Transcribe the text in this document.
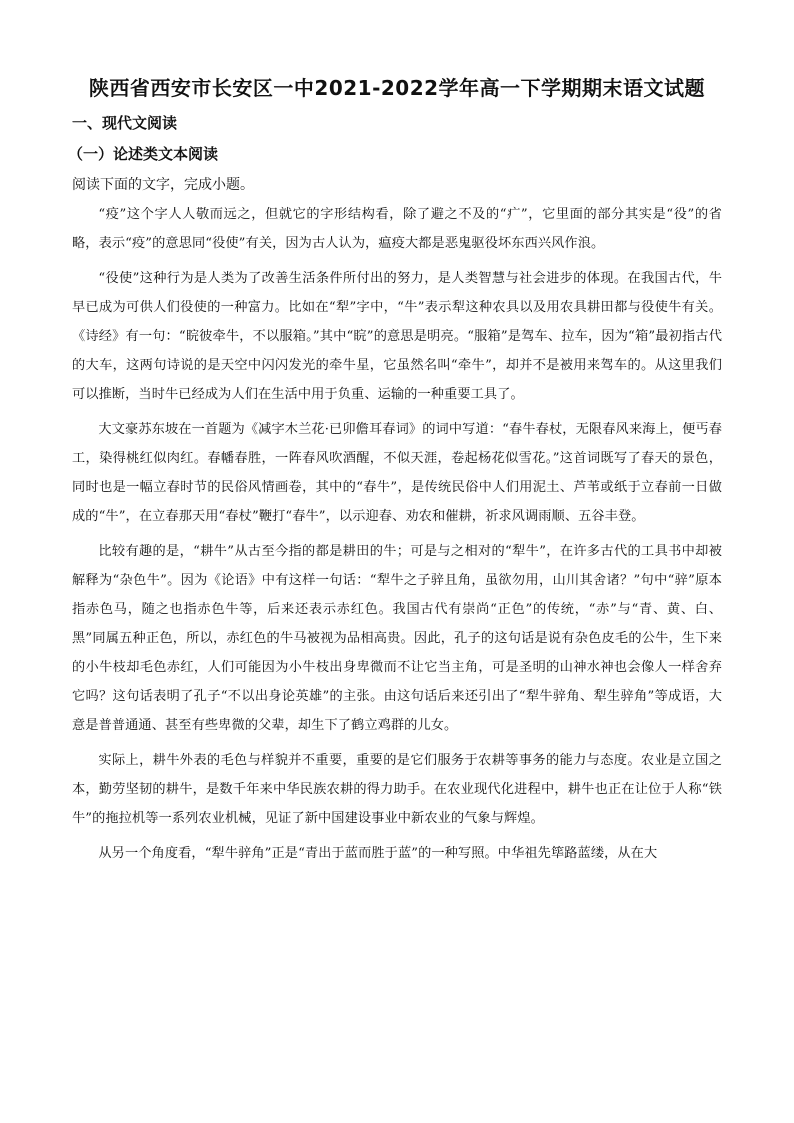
陕西省西安市长安区一中2021-2022学年高一下学期期末语文试题
一、现代文阅读
（一）论述类文本阅读
阅读下面的文字，完成小题。

“疫”这个字人人敬而远之，但就它的字形结构看，除了避之不及的“疒”，它里面的部分其实是“役”的省略，表示“疫”的意思同“役使”有关，因为古人认为，瘟疫大都是恶鬼驱役坏东西兴风作浪。

“役使”这种行为是人类为了改善生活条件所付出的努力，是人类智慧与社会进步的体现。在我国古代，牛早已成为可供人们役使的一种富力。比如在“犁”字中，“牛”表示犁这种农具以及用农具耕田都与役使牛有关。《诗经》有一句：“睆彼牵牛，不以服箱。”其中“睆”的意思是明亮。“服箱”是驾车、拉车，因为“箱”最初指古代的大车，这两句诗说的是天空中闪闪发光的牵牛星，它虽然名叫“牵牛”，却并不是被用来驾车的。从这里我们可以推断，当时牛已经成为人们在生活中用于负重、运输的一种重要工具了。

大文豪苏东坡在一首题为《减字木兰花·已卯儋耳春词》的词中写道：“春牛春杖，无限春风来海上，便丐春工，染得桃红似肉红。春幡春胜，一阵春风吹酒醒，不似天涯，卷起杨花似雪花。”这首词既写了春天的景色，同时也是一幅立春时节的民俗风情画卷，其中的“春牛”，是传统民俗中人们用泥土、芦苇或纸于立春前一日做成的“牛”，在立春那天用“春杖”鞭打“春牛”，以示迎春、劝农和催耕，祈求风调雨顺、五谷丰登。

比较有趣的是，“耕牛”从古至今指的都是耕田的牛；可是与之相对的“犁牛”，在许多古代的工具书中却被解释为“杂色牛”。因为《论语》中有这样一句话：“犁牛之子骍且角，虽欲勿用，山川其舍诸？”句中“骍”原本指赤色马，随之也指赤色牛等，后来还表示赤红色。我国古代有崇尚“正色”的传统，“赤”与“青、黄、白、黑”同属五种正色，所以，赤红色的牛马被视为品相高贵。因此，孔子的这句话是说有杂色皮毛的公牛，生下来的小牛枝却毛色赤红，人们可能因为小牛枝出身卑微而不让它当主角，可是圣明的山神水神也会像人一样舍弃它吗？这句话表明了孔子“不以出身论英雄”的主张。由这句话后来还引出了“犁牛骍角、犁生骍角”等成语，大意是普普通通、甚至有些卑微的父辈，却生下了鹤立鸡群的儿女。

实际上，耕牛外表的毛色与样貌并不重要，重要的是它们服务于农耕等事务的能力与态度。农业是立国之本，勤劳坚韧的耕牛，是数千年来中华民族农耕的得力助手。在农业现代化进程中，耕牛也正在让位于人称“铁牛”的拖拉机等一系列农业机械，见证了新中国建设事业中新农业的气象与辉煌。

从另一个角度看，“犁牛骍角”正是“青出于蓝而胜于蓝”的一种写照。中华祖先筚路蓝缕，从在大
